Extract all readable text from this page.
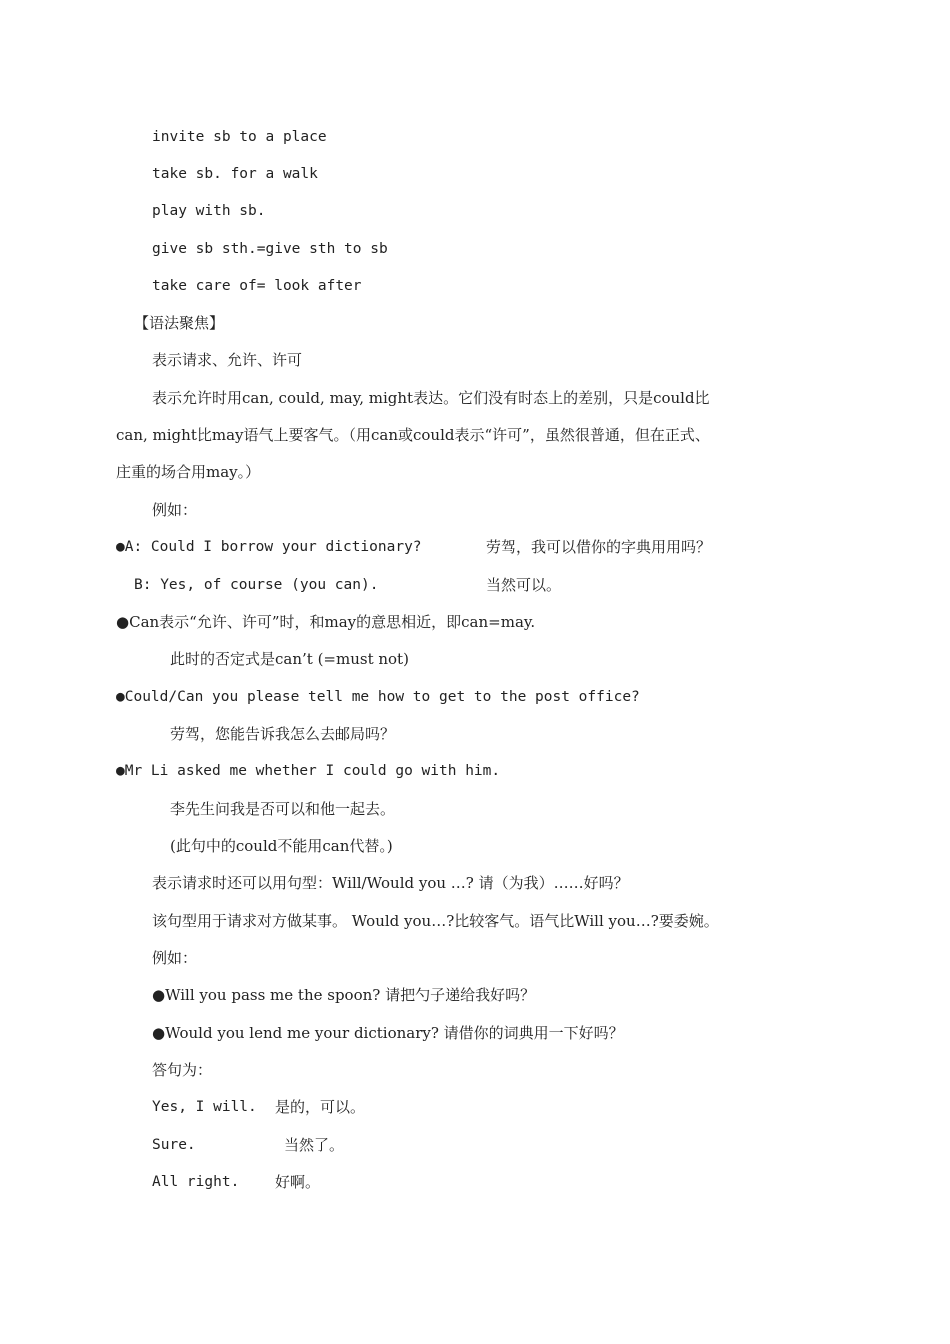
invite sb to a place
take sb. for a walk
play with sb.
give sb sth.=give sth to sb
take care of= look after
【语法聚焦】
表示请求、允许、许可
表示允许时用can, could, may, might表达。它们没有时态上的差别，只是could比
can, might比may语气上要客气。（用can或could表示“许可”，虽然很普通，但在正式、
庄重的场合用may。）
例如：
●A: Could I borrow your dictionary?	劳驾，我可以借你的字典用用吗？
B: Yes, of course (you can).	当然可以。
●Can表示“允许、许可”时，和may的意思相近，即can=may.
此时的否定式是can’t (=must not)
●Could/Can you please tell me how to get to the post office?
劳驾，您能告诉我怎么去邮局吗？
●Mr Li asked me whether I could go with him.
李先生问我是否可以和他一起去。
(此句中的could不能用can代替。)
表示请求时还可以用句型：Will/Would you …? 请（为我）……好吗？
该句型用于请求对方做某事。 Would you…?比较客气。语气比Will you…?要委婉。
例如：
●Will you pass me the spoon? 请把勺子递给我好吗？
●Would you lend me your dictionary? 请借你的词典用一下好吗？
答句为：
Yes, I will. 是的，可以。
Sure.	当然了。
All right. 好啊。
